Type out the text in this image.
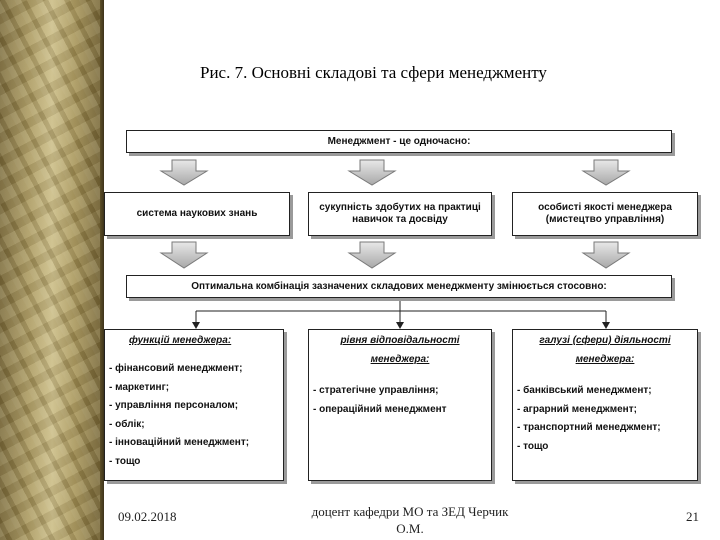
Рис. 7. Основні складові та сфери менеджменту
Менеджмент - це одночасно:
система наукових знань
сукупність здобутих на практиці навичок та досвіду
особисті якості менеджера (мистецтво управління)
Оптимальна комбінація зазначених складових менеджменту змінюється стосовно:
функцій менеджера:
- фінансовий менеджмент;
- маркетинг;
- управління персоналом;
- облік;
- інноваційний менеджмент;
- тощо
рівня відповідальності менеджера:
- стратегічне управління;
- операційний менеджмент
галузі (сфери) діяльності менеджера:
- банківський менеджмент;
- аграрний менеджмент;
- транспортний менеджмент;
- тощо
09.02.2018	доцент кафедри МО та ЗЕД Черчик О.М.
21
